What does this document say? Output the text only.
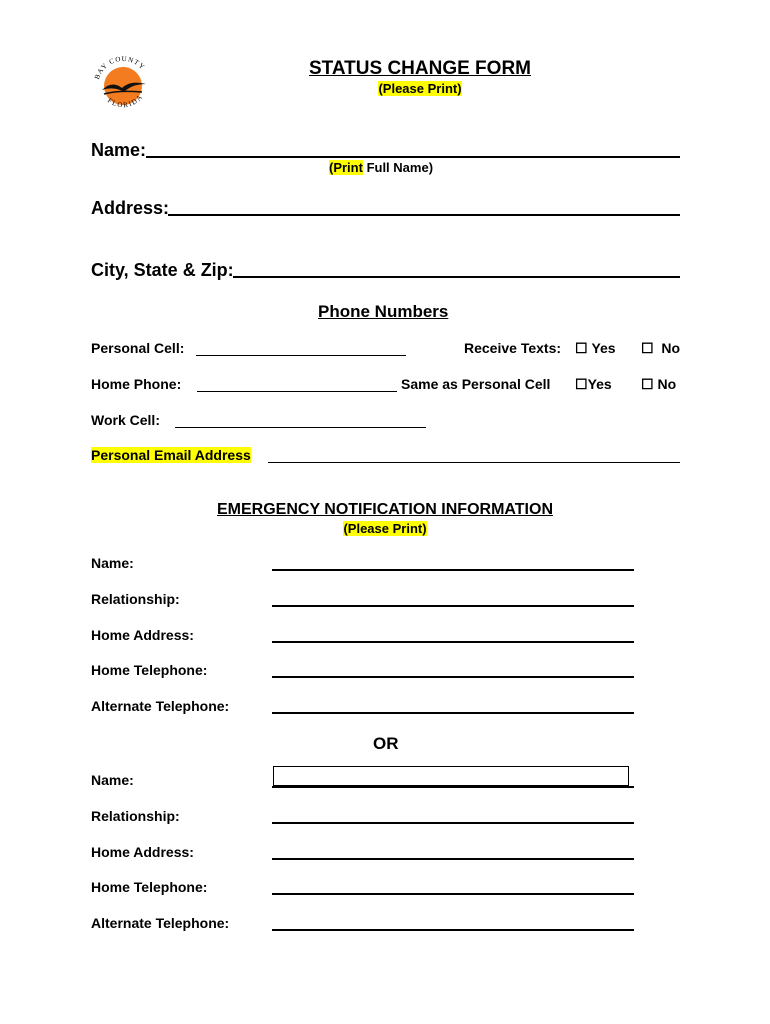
BAY COUNTY
FLORIDA
STATUS CHANGE FORM
(Please Print)
Name:
(Print Full Name)
Address:
City, State & Zip:
Phone Numbers
Personal Cell:	Receive Texts: ☐ Yes ☐ No
Home Phone:	Same as Personal Cell ☐Yes ☐ No
Work Cell:
Personal Email Address
EMERGENCY NOTIFICATION INFORMATION
(Please Print)
Name:
Relationship:
Home Address:
Home Telephone:
Alternate Telephone:
OR
Name:
Relationship:
Home Address:
Home Telephone:
Alternate Telephone:
